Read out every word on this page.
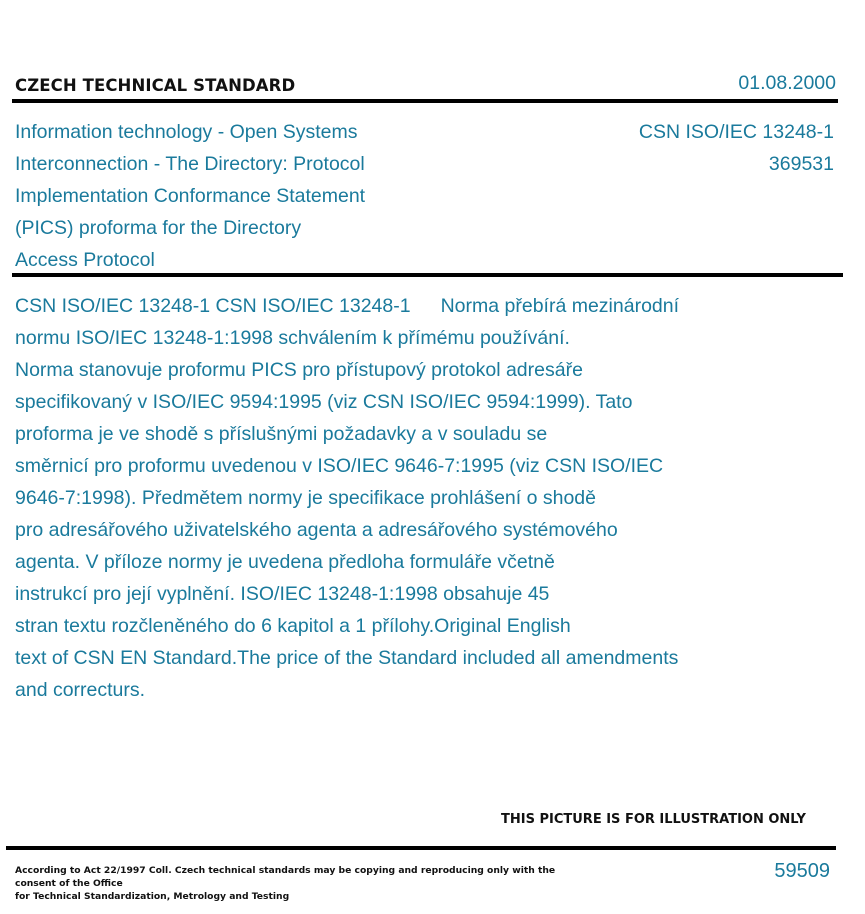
CZECH TECHNICAL STANDARD	01.08.2000
Information technology - Open Systems
Interconnection - The Directory: Protocol
Implementation Conformance Statement
(PICS) proforma for the Directory
Access Protocol
CSN ISO/IEC 13248-1
369531
CSN ISO/IEC 13248-1 CSN ISO/IEC 13248-1 Norma přebírá mezinárodní
normu ISO/IEC 13248-1:1998 schválením k přímému používání.
Norma stanovuje proformu PICS pro přístupový protokol adresáře
specifikovaný v ISO/IEC 9594:1995 (viz CSN ISO/IEC 9594:1999). Tato
proforma je ve shodě s příslušnými požadavky a v souladu se
směrnicí pro proformu uvedenou v ISO/IEC 9646-7:1995 (viz CSN ISO/IEC
9646-7:1998). Předmětem normy je specifikace prohlášení o shodě
pro adresářového uživatelského agenta a adresářového systémového
agenta. V příloze normy je uvedena předloha formuláře včetně
instrukcí pro její vyplnění. ISO/IEC 13248-1:1998 obsahuje 45
stran textu rozčleněného do 6 kapitol a 1 přílohy.Original English
text of CSN EN Standard.The price of the Standard included all amendments
and correcturs.
THIS PICTURE IS FOR ILLUSTRATION ONLY
According to Act 22/1997 Coll. Czech technical standards may be copying and reproducing only with the consent of the Office
for Technical Standardization, Metrology and Testing
59509
